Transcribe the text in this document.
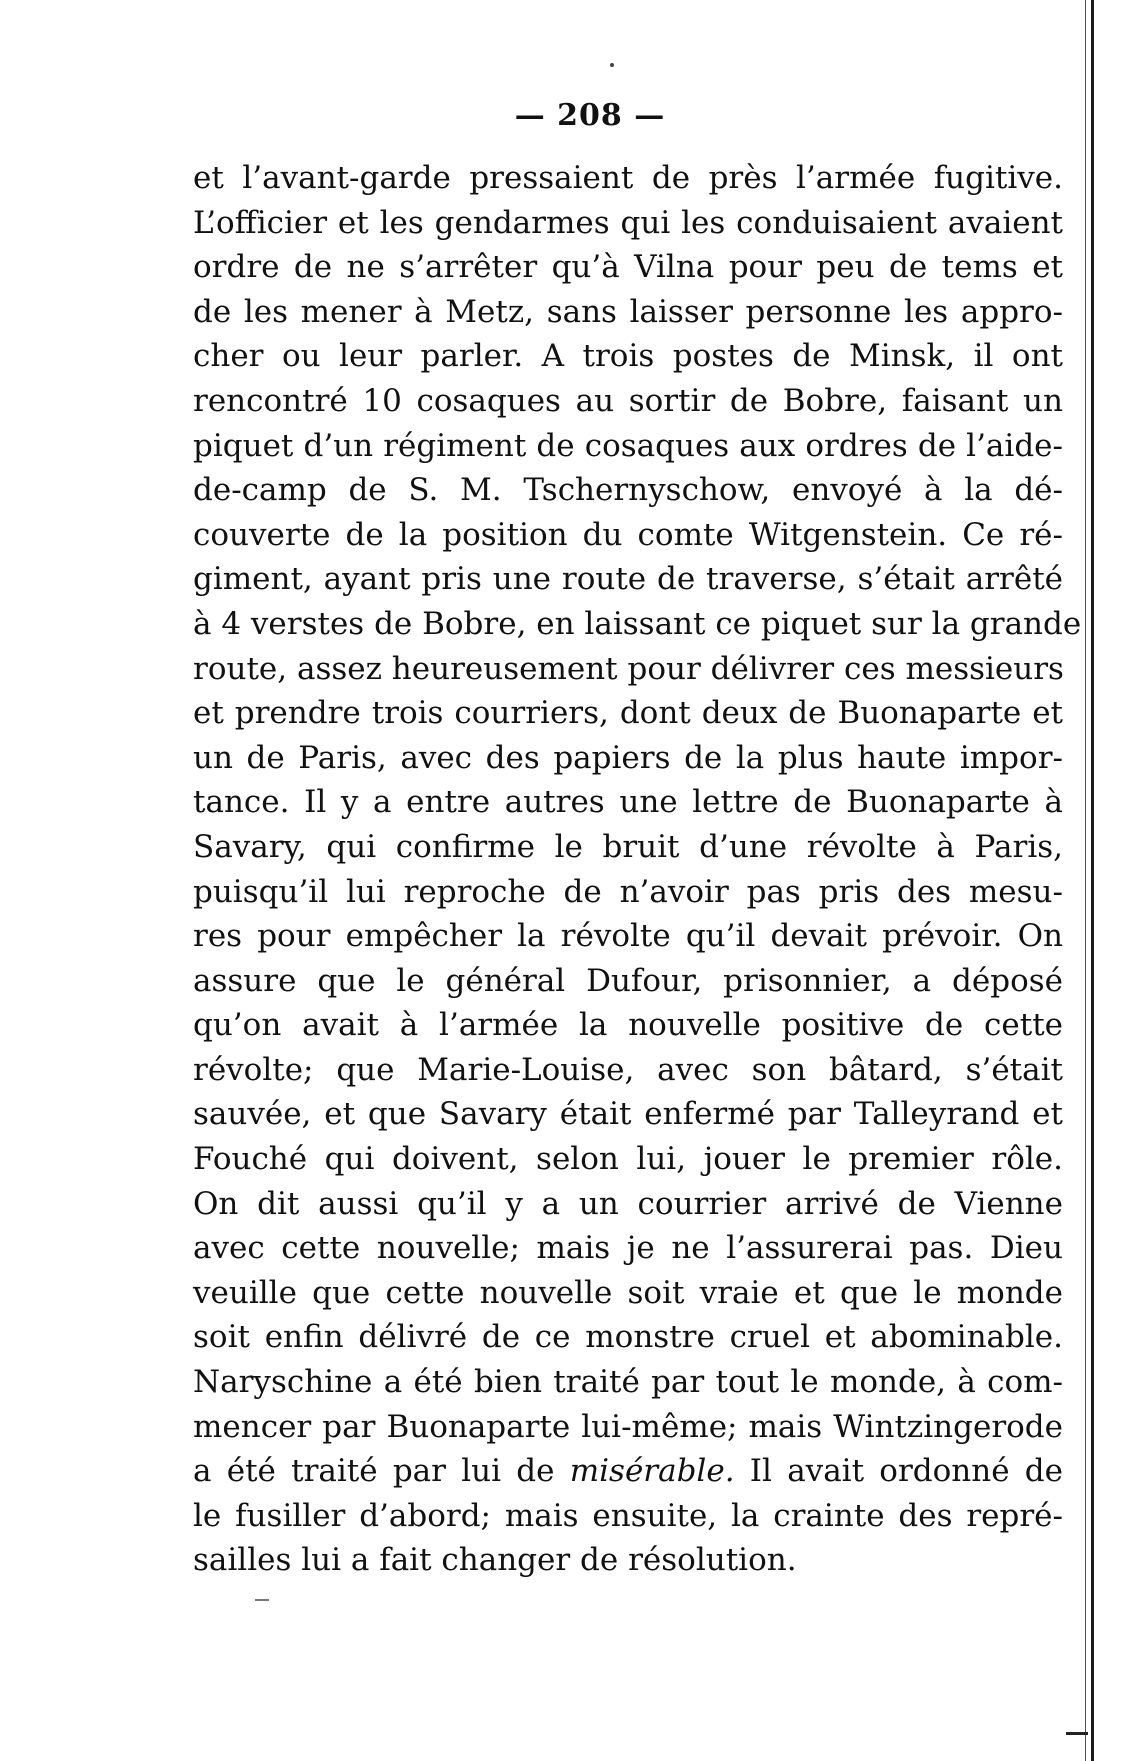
— 208 —
et l’avant-garde pressaient de près l’armée fugitive.
L’officier et les gendarmes qui les conduisaient avaient
ordre de ne s’arrêter qu’à Vilna pour peu de tems et
de les mener à Metz, sans laisser personne les appro-
cher ou leur parler. A trois postes de Minsk, il ont
rencontré 10 cosaques au sortir de Bobre, faisant un
piquet d’un régiment de cosaques aux ordres de l’aide-
de-camp de S. M. Tschernyschow, envoyé à la dé-
couverte de la position du comte Witgenstein. Ce ré-
giment, ayant pris une route de traverse, s’était arrêté
à 4 verstes de Bobre, en laissant ce piquet sur la grande
route, assez heureusement pour délivrer ces messieurs
et prendre trois courriers, dont deux de Buonaparte et
un de Paris, avec des papiers de la plus haute impor-
tance. Il y a entre autres une lettre de Buonaparte à
Savary, qui confirme le bruit d’une révolte à Paris,
puisqu’il lui reproche de n’avoir pas pris des mesu-
res pour empêcher la révolte qu’il devait prévoir. On
assure que le général Dufour, prisonnier, a déposé
qu’on avait à l’armée la nouvelle positive de cette
révolte; que Marie-Louise, avec son bâtard, s’était
sauvée, et que Savary était enfermé par Talleyrand et
Fouché qui doivent, selon lui, jouer le premier rôle.
On dit aussi qu’il y a un courrier arrivé de Vienne
avec cette nouvelle; mais je ne l’assurerai pas. Dieu
veuille que cette nouvelle soit vraie et que le monde
soit enfin délivré de ce monstre cruel et abominable.
Naryschine a été bien traité par tout le monde, à com-
mencer par Buonaparte lui-même; mais Wintzingerode
a été traité par lui de misérable. Il avait ordonné de
le fusiller d’abord; mais ensuite, la crainte des repré-
sailles lui a fait changer de résolution.
